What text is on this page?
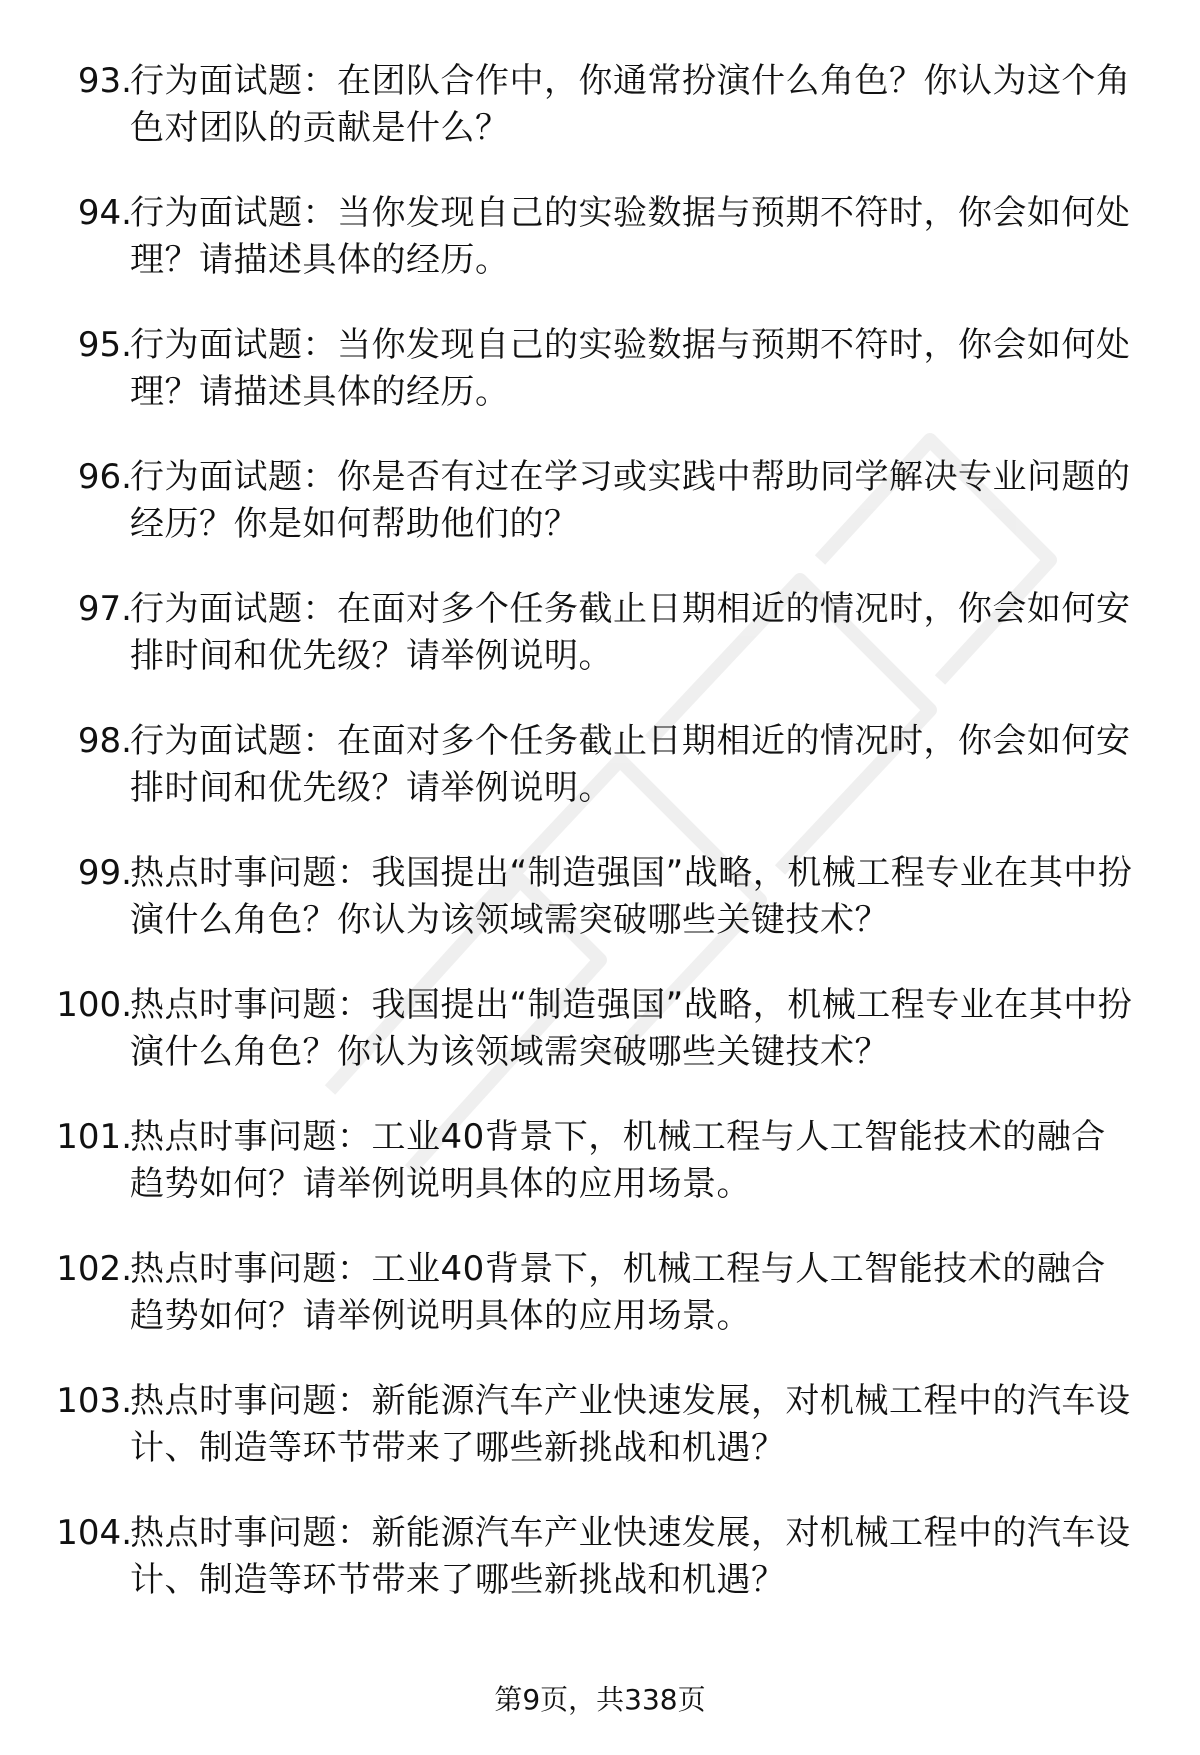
93.
行为面试题：在团队合作中，你通常扮演什么角色？你认为这个角色对团队的贡献是什么？
94.
行为面试题：当你发现自己的实验数据与预期不符时，你会如何处理？请描述具体的经历。
95.
行为面试题：当你发现自己的实验数据与预期不符时，你会如何处理？请描述具体的经历。
96.
行为面试题：你是否有过在学习或实践中帮助同学解决专业问题的经历？你是如何帮助他们的？
97.
行为面试题：在面对多个任务截止日期相近的情况时，你会如何安排时间和优先级？请举例说明。
98.
行为面试题：在面对多个任务截止日期相近的情况时，你会如何安排时间和优先级？请举例说明。
99.
热点时事问题：我国提出“制造强国”战略，机械工程专业在其中扮演什么角色？你认为该领域需突破哪些关键技术？
100.
热点时事问题：我国提出“制造强国”战略，机械工程专业在其中扮演什么角色？你认为该领域需突破哪些关键技术？
101.
热点时事问题：工业40背景下，机械工程与人工智能技术的融合趋势如何？请举例说明具体的应用场景。
102.
热点时事问题：工业40背景下，机械工程与人工智能技术的融合趋势如何？请举例说明具体的应用场景。
103.
热点时事问题：新能源汽车产业快速发展，对机械工程中的汽车设计、制造等环节带来了哪些新挑战和机遇？
104.
热点时事问题：新能源汽车产业快速发展，对机械工程中的汽车设计、制造等环节带来了哪些新挑战和机遇？
第9页，共338页
